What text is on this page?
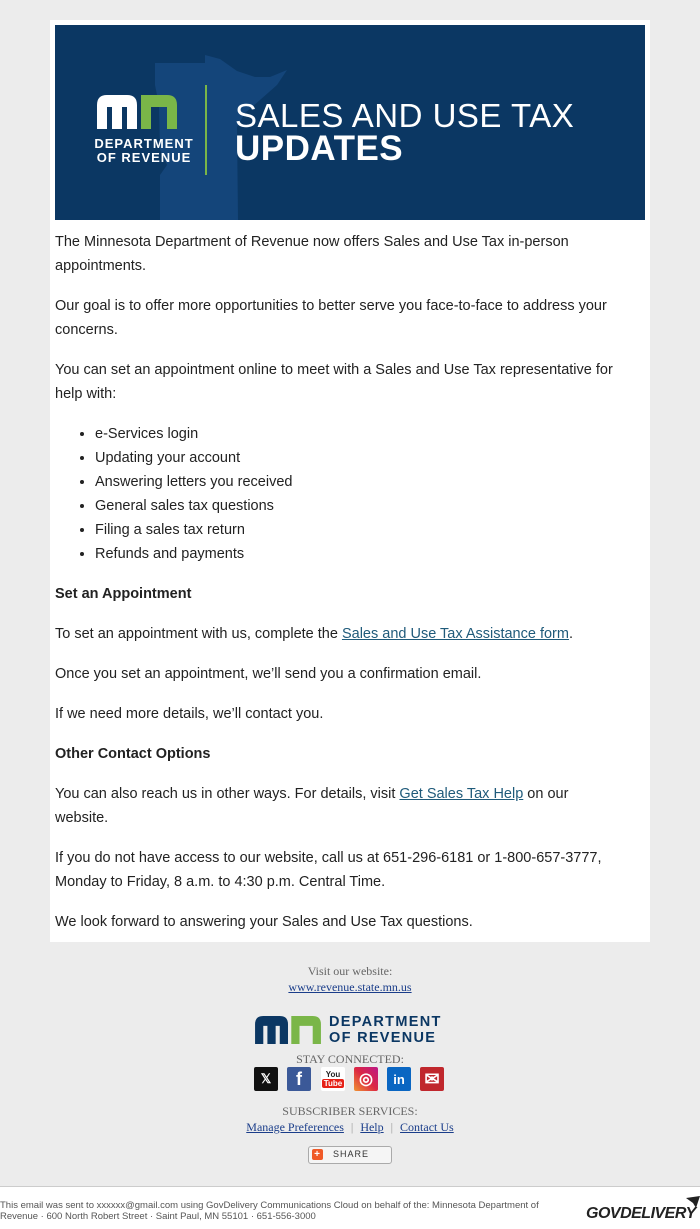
DEPARTMENT
OF REVENUE
SALES AND USE TAX
UPDATES

The Minnesota Department of Revenue now offers Sales and Use Tax in-person appointments.

Our goal is to offer more opportunities to better serve you face-to-face to address your concerns.

You can set an appointment online to meet with a Sales and Use Tax representative for help with:

• e-Services login
• Updating your account
• Answering letters you received
• General sales tax questions
• Filing a sales tax return
• Refunds and payments

Set an Appointment

To set an appointment with us, complete the Sales and Use Tax Assistance form.

Once you set an appointment, we’ll send you a confirmation email.

If we need more details, we’ll contact you.

Other Contact Options

You can also reach us in other ways. For details, visit Get Sales Tax Help on our website.

If you do not have access to our website, call us at 651-296-6181 or 1-800-657-3777, Monday to Friday, 8 a.m. to 4:30 p.m. Central Time.

We look forward to answering your Sales and Use Tax questions.

Visit our website:
www.revenue.state.mn.us
DEPARTMENT
OF REVENUE
STAY CONNECTED:
𝕏	f	You
Tube	◎	in	✉
SUBSCRIBER SERVICES:
Manage Preferences | Help | Contact Us
+ SHARE
This email was sent to xxxxxx@gmail.com using GovDelivery Communications Cloud on behalf of the: Minnesota Department of Revenue · 600 North Robert Street · Saint Paul, MN 55101 · 651-556-3000	GOVDELIVERY
